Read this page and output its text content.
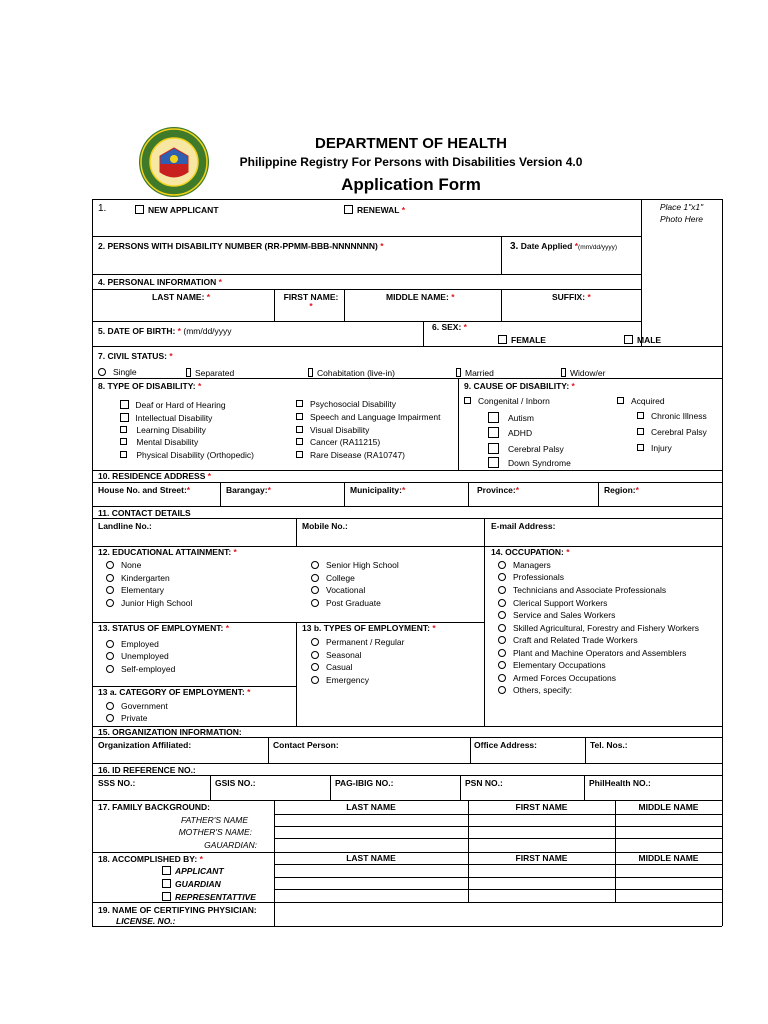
DEPARTMENT OF HEALTH
Philippine Registry For Persons with Disabilities Version 4.0
Application Form
1.	NEW APPLICANT	RENEWAL *	Place 1"x1"
Photo Here
2. PERSONS WITH DISABILITY NUMBER (RR-PPMM-BBB-NNNNNNN) *	3. Date Applied *(mm/dd/yyyy)
4. PERSONAL INFORMATION *
LAST NAME: *	FIRST NAME:
*
MIDDLE NAME: *	SUFFIX: *
5. DATE OF BIRTH: * (mm/dd/yyyy	6. SEX: *
FEMALE	MALE
7. CIVIL STATUS: *
Single	Separated	Cohabitation (live-in)	Married	Widow/er
8. TYPE OF DISABILITY: *
Deaf or Hard of Hearing
Intellectual Disability
Learning Disability
Mental Disability
Physical Disability (Orthopedic)
Psychosocial Disability
Speech and Language Impairment
Visual Disability
Cancer (RA11215)
Rare Disease (RA10747)
9. CAUSE OF DISABILITY: *
Congenital / Inborn	Acquired
Autism
ADHD
Cerebral Palsy
Down Syndrome
Chronic Illness
Cerebral Palsy
Injury
10. RESIDENCE ADDRESS *
House No. and Street:*	Barangay:*	Municipality:*	Province:*	Region:*
11. CONTACT DETAILS
Landline No.:	Mobile No.:	E-mail Address:
12. EDUCATIONAL ATTAINMENT: *
None
Kindergarten
Elementary
Junior High School
Senior High School
College
Vocational
Post Graduate
13. STATUS OF EMPLOYMENT: *
Employed
Unemployed
Self-employed
13 a. CATEGORY OF EMPLOYMENT: *
Government
Private
13 b. TYPES OF EMPLOYMENT: *
Permanent / Regular
Seasonal
Casual
Emergency
14. OCCUPATION: *
Managers
Professionals
Technicians and Associate Professionals
Clerical Support Workers
Service and Sales Workers
Skilled Agricultural, Forestry and Fishery Workers
Craft and Related Trade Workers
Plant and Machine Operators and Assemblers
Elementary Occupations
Armed Forces Occupations
Others, specify:
15. ORGANIZATION INFORMATION:
Organization Affiliated:	Contact Person:	Office Address:	Tel. Nos.:
16. ID REFERENCE NO.:
SSS NO.:	GSIS NO.:	PAG-IBIG NO.:	PSN NO.:	PhilHealth NO.:
17. FAMILY BACKGROUND:	LAST NAME	FIRST NAME	MIDDLE NAME
FATHER'S NAME
MOTHER'S NAME:
GAUARDIAN:
18. ACCOMPLISHED BY: *
APPLICANT
GUARDIAN
REPRESENTATTIVE
LAST NAME	FIRST NAME	MIDDLE NAME
19. NAME OF CERTIFYING PHYSICIAN:
LICENSE. NO.:
